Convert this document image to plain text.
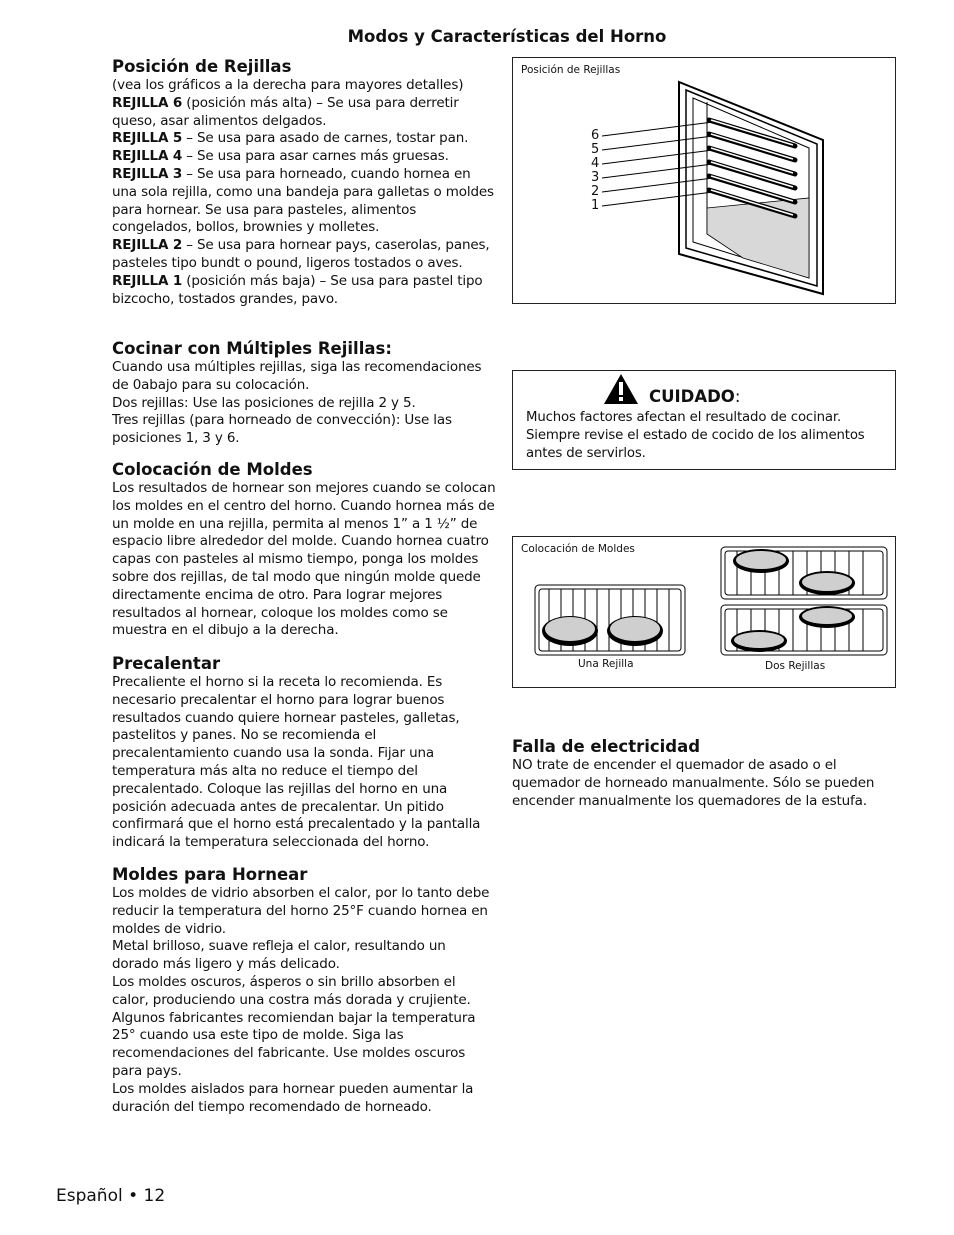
Modos y Características del Horno
Posición de Rejillas

(vea los gráficos a la derecha para mayores detalles)

REJILLA 6 (posición más alta) – Se usa para derretir queso, asar alimentos delgados.

REJILLA 5 – Se usa para asado de carnes, tostar pan.

REJILLA 4 – Se usa para asar carnes más gruesas.

REJILLA 3 – Se usa para horneado, cuando hornea en una sola rejilla, como una bandeja para galletas o moldes para hornear. Se usa para pasteles, alimentos congelados, bollos, brownies y molletes.

REJILLA 2 – Se usa para hornear pays, caserolas, panes, pasteles tipo bundt o pound, ligeros tostados o aves.

REJILLA 1 (posición más baja) – Se usa para pastel tipo bizcocho, tostados grandes, pavo.

Cocinar con Múltiples Rejillas:

Cuando usa múltiples rejillas, siga las recomendaciones de 0abajo para su colocación.

Dos rejillas: Use las posiciones de rejilla 2 y 5.

Tres rejillas (para horneado de convección): Use las posiciones 1, 3 y 6.

Colocación de Moldes

Los resultados de hornear son mejores cuando se colocan los moldes en el centro del horno. Cuando hornea más de un molde en una rejilla, permita al menos 1” a 1 ½” de espacio libre alrededor del molde. Cuando hornea cuatro capas con pasteles al mismo tiempo, ponga los moldes sobre dos rejillas, de tal modo que ningún molde quede directamente encima de otro. Para lograr mejores resultados al hornear, coloque los moldes como se muestra en el dibujo a la derecha.

Precalentar

Precaliente el horno si la receta lo recomienda. Es necesario precalentar el horno para lograr buenos resultados cuando quiere hornear pasteles, galletas, pastelitos y panes. No se recomienda el precalentamiento cuando usa la sonda. Fijar una temperatura más alta no reduce el tiempo del precalentado. Coloque las rejillas del horno en una posición adecuada antes de precalentar. Un pitido confirmará que el horno está precalentado y la pantalla indicará la temperatura seleccionada del horno.

Moldes para Hornear

Los moldes de vidrio absorben el calor, por lo tanto debe reducir la temperatura del horno 25°F cuando hornea en moldes de vidrio.

Metal brilloso, suave refleja el calor, resultando un dorado más ligero y más delicado.

Los moldes oscuros, ásperos o sin brillo absorben el calor, produciendo una costra más dorada y crujiente. Algunos fabricantes recomiendan bajar la temperatura 25° cuando usa este tipo de molde. Siga las recomendaciones del fabricante. Use moldes oscuros para pays.

Los moldes aislados para hornear pueden aumentar la duración del tiempo recomendado de horneado.

Posición de Rejillas
6
5
4
3
2
1
CUIDADO:

Muchos factores afectan el resultado de cocinar. Siempre revise el estado de cocido de los alimentos antes de servirlos.

Colocación de Moldes
Una Rejilla	Dos Rejillas
Falla de electricidad

NO trate de encender el quemador de asado o el quemador de horneado manualmente. Sólo se pueden encender manualmente los quemadores de la estufa.

Español • 12
